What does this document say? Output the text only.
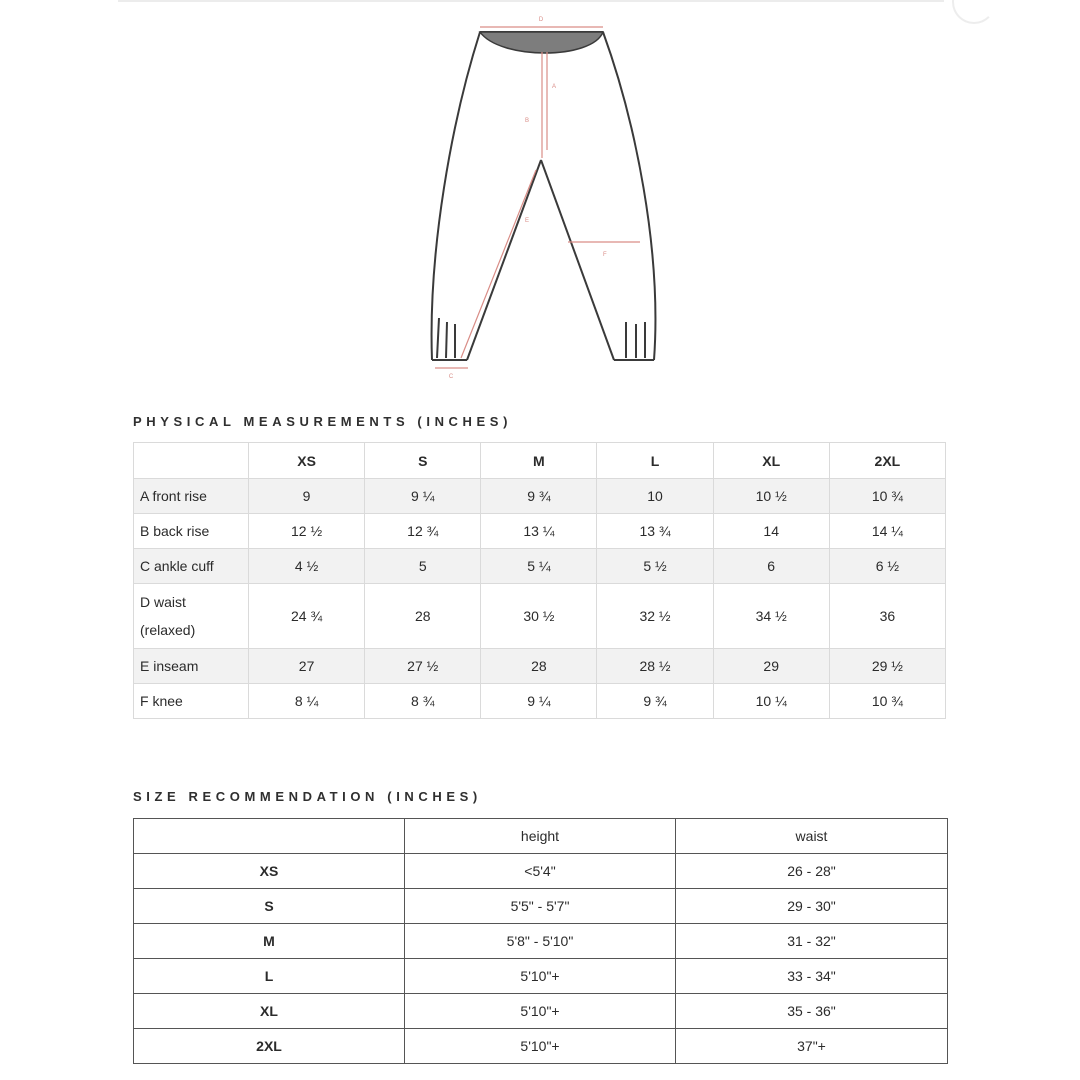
D
A
B
E
F
C
PHYSICAL MEASUREMENTS (INCHES)
	XS	S	M	L	XL	2XL
A front rise	9	9 ¼	9 ¾	10	10 ½	10 ¾
B back rise	12 ½	12 ¾	13 ¼	13 ¾	14	14 ¼
C ankle cuff	4 ½	5	5 ¼	5 ½	6	6 ½

D waist
(relaxed)	24 ¾	28	30 ½	32 ½	34 ½	36
E inseam	27	27 ½	28	28 ½	29	29 ½
F knee	8 ¼	8 ¾	9 ¼	9 ¾	10 ¼	10 ¾
SIZE RECOMMENDATION (INCHES)
	height	waist
XS	<5'4"	26 - 28"
S	5'5" - 5'7"	29 - 30"
M	5'8" - 5'10"	31 - 32"
L	5'10"+	33 - 34"
XL	5'10"+	35 - 36"
2XL	5'10"+	37"+
